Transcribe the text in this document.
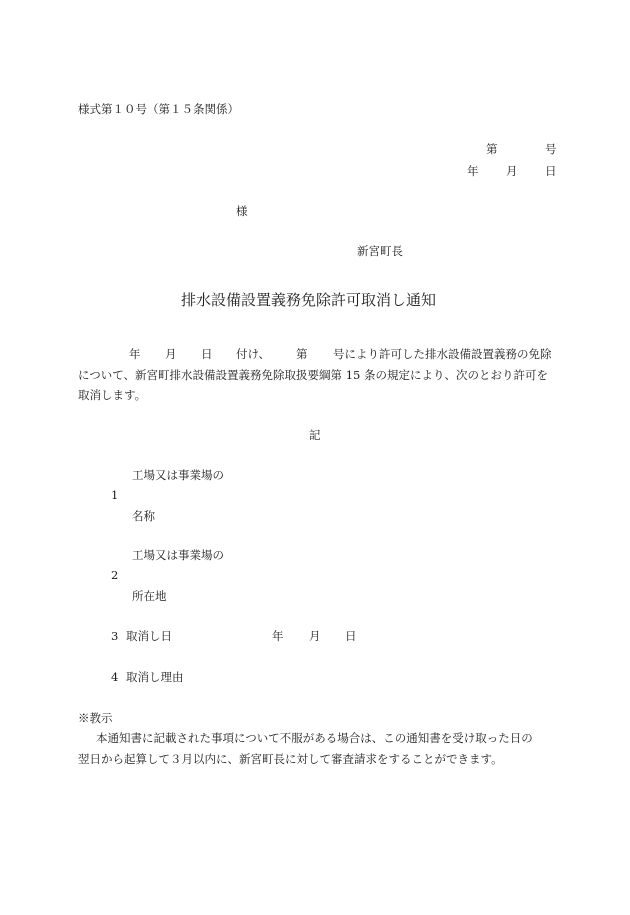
様式第１０号（第１５条関係）
第	号
年 月 日
様
新宮町長
排水設備設置義務免除許可取消し通知
年 月 日 付け、 第 号により許可した排水設備設置義務の免除
について、新宮町排水設備設置義務免除取扱要綱第 15 条の規定により、次のとおり許可を
取消します。
記
工場又は事業場の
1
名称
工場又は事業場の
2
所在地
3 取消し日	年 月 日
4 取消し理由
※教示
本通知書に記載された事項について不服がある場合は、この通知書を受け取った日の
翌日から起算して３月以内に、新宮町長に対して審査請求をすることができます。
